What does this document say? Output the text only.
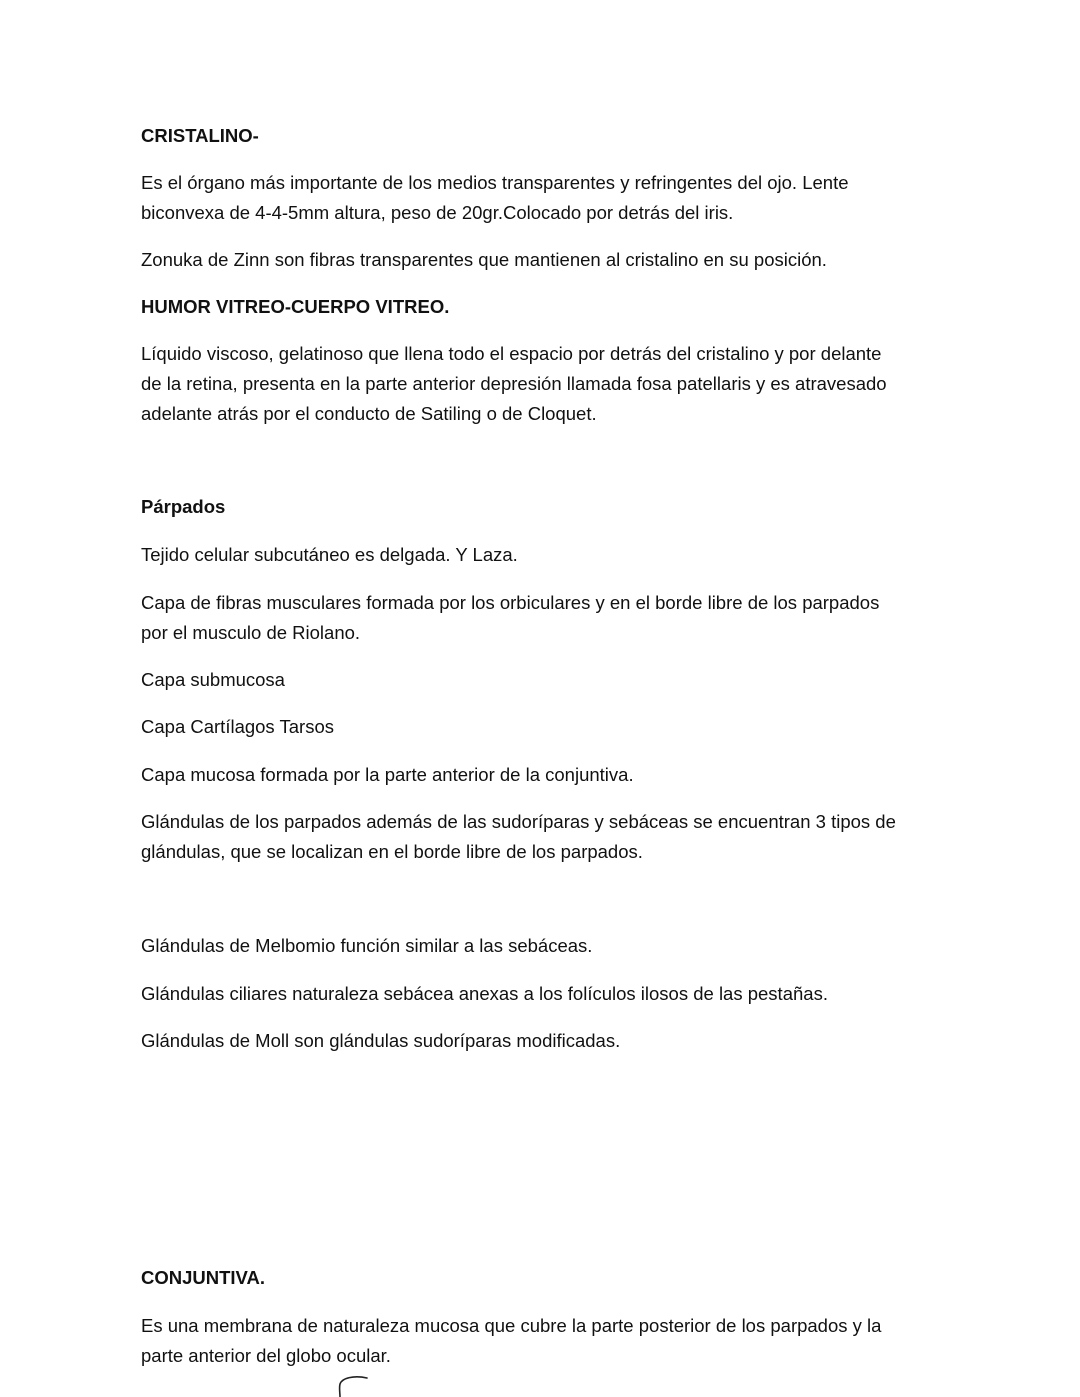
CRISTALINO-

Es el órgano más importante de los medios transparentes y refringentes del ojo. Lente
biconvexa de 4-4-5mm altura, peso de 20gr.Colocado por detrás del iris.

Zonuka de Zinn son fibras transparentes que mantienen al cristalino en su posición.

HUMOR VITREO-CUERPO VITREO.

Líquido viscoso, gelatinoso que llena todo el espacio por detrás del cristalino y por delante
de la retina, presenta en la parte anterior depresión llamada fosa patellaris y es atravesado
adelante atrás por el conducto de Satiling o de Cloquet.

Párpados

Tejido celular subcutáneo es delgada. Y Laza.

Capa de fibras musculares formada por los orbiculares y en el borde libre de los parpados
por el musculo de Riolano.

Capa submucosa

Capa Cartílagos Tarsos

Capa mucosa formada por la parte anterior de la conjuntiva.

Glándulas de los parpados además de las sudoríparas y sebáceas se encuentran 3 tipos de
glándulas, que se localizan en el borde libre de los parpados.

Glándulas de Melbomio función similar a las sebáceas.

Glándulas ciliares naturaleza sebácea anexas a los folículos ilosos de las pestañas.

Glándulas de Moll son glándulas sudoríparas modificadas.

CONJUNTIVA.

Es una membrana de naturaleza mucosa que cubre la parte posterior de los parpados y la
parte anterior del globo ocular.
